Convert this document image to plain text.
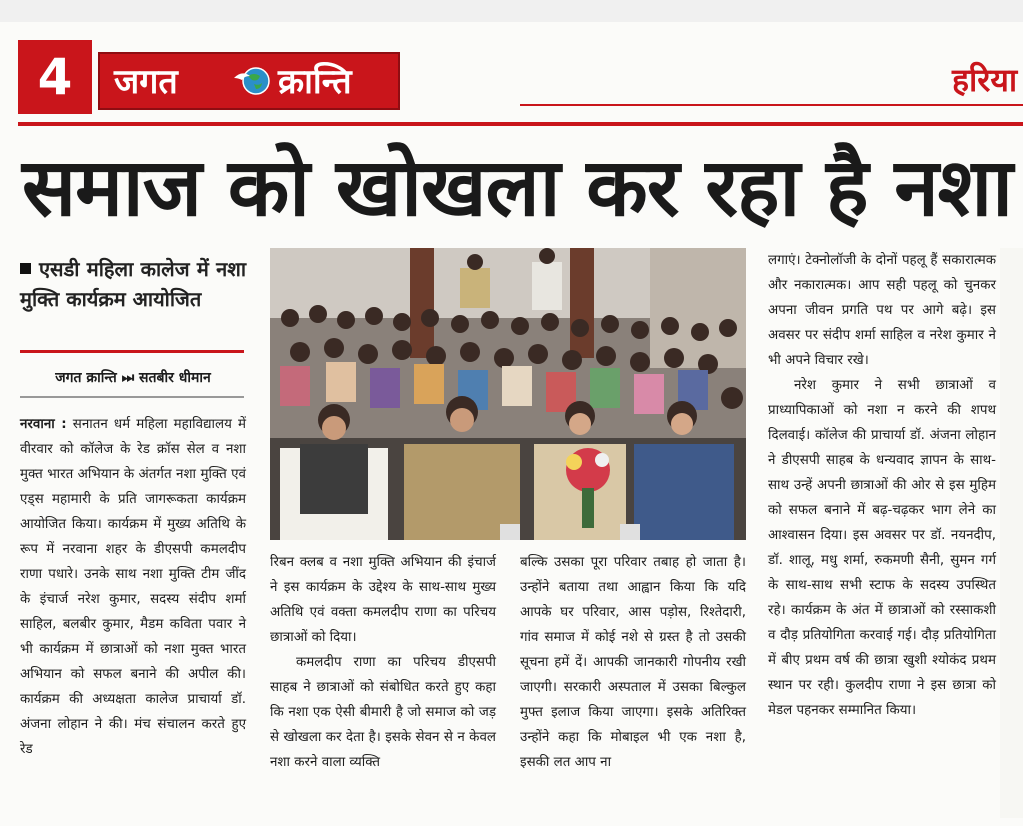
4	जगत	क्रान्ति	हरिया
समाज को खोखला कर रहा है नशा
एसडी महिला कालेज में नशा मुक्ति कार्यक्रम आयोजित
जगत क्रान्ति ⏭ सतबीर धीमान

नरवाना : सनातन धर्म महिला महाविद्यालय में वीरवार को कॉलेज के रेड क्रॉस सेल व नशा मुक्त भारत अभियान के अंतर्गत नशा मुक्ति एवं एड्स महामारी के प्रति जागरूकता कार्यक्रम आयोजित किया। कार्यक्रम में मुख्य अतिथि के रूप में नरवाना शहर के डीएसपी कमलदीप राणा पधारे। उनके साथ नशा मुक्ति टीम जींद के इंचार्ज नरेश कुमार, सदस्य संदीप शर्मा साहिल, बलबीर कुमार, मैडम कविता पवार ने भी कार्यक्रम में छात्राओं को नशा मुक्त भारत अभियान को सफल बनाने की अपील की। कार्यक्रम की अध्यक्षता कालेज प्राचार्या डॉ. अंजना लोहान ने की। मंच संचालन करते हुए रेड

रिबन क्लब व नशा मुक्ति अभियान की इंचार्ज ने इस कार्यक्रम के उद्देश्य के साथ-साथ मुख्य अतिथि एवं वक्ता कमलदीप राणा का परिचय छात्राओं को दिया।

कमलदीप राणा का परिचय डीएसपी साहब ने छात्राओं को संबोधित करते हुए कहा कि नशा एक ऐसी बीमारी है जो समाज को जड़ से खोखला कर देता है। इसके सेवन से न केवल नशा करने वाला व्यक्ति

बल्कि उसका पूरा परिवार तबाह हो जाता है। उन्होंने बताया तथा आह्वान किया कि यदि आपके घर परिवार, आस पड़ोस, रिश्तेदारी, गांव समाज में कोई नशे से ग्रस्त है तो उसकी सूचना हमें दें। आपकी जानकारी गोपनीय रखी जाएगी। सरकारी अस्पताल में उसका बिल्कुल मुफ्त इलाज किया जाएगा। इसके अतिरिक्त उन्होंने कहा कि मोबाइल भी एक नशा है, इसकी लत आप ना

लगाएं। टेक्नोलॉजी के दोनों पहलू हैं सकारात्मक और नकारात्मक। आप सही पहलू को चुनकर अपना जीवन प्रगति पथ पर आगे बढ़े। इस अवसर पर संदीप शर्मा साहिल व नरेश कुमार ने भी अपने विचार रखे।

नरेश कुमार ने सभी छात्राओं व प्राध्यापिकाओं को नशा न करने की शपथ दिलवाई। कॉलेज की प्राचार्या डॉ. अंजना लोहान ने डीएसपी साहब के धन्यवाद ज्ञापन के साथ-साथ उन्हें अपनी छात्राओं की ओर से इस मुहिम को सफल बनाने में बढ़-चढ़कर भाग लेने का आश्वासन दिया। इस अवसर पर डॉ. नयनदीप, डॉ. शालू, मधु शर्मा, रुकमणी सैनी, सुमन गर्ग के साथ-साथ सभी स्टाफ के सदस्य उपस्थित रहे। कार्यक्रम के अंत में छात्राओं को रस्साकशी व दौड़ प्रतियोगिता करवाई गई। दौड़ प्रतियोगिता में बीए प्रथम वर्ष की छात्रा खुशी श्योकंद प्रथम स्थान पर रही। कुलदीप राणा ने इस छात्रा को मेडल पहनकर सम्मानित किया।
